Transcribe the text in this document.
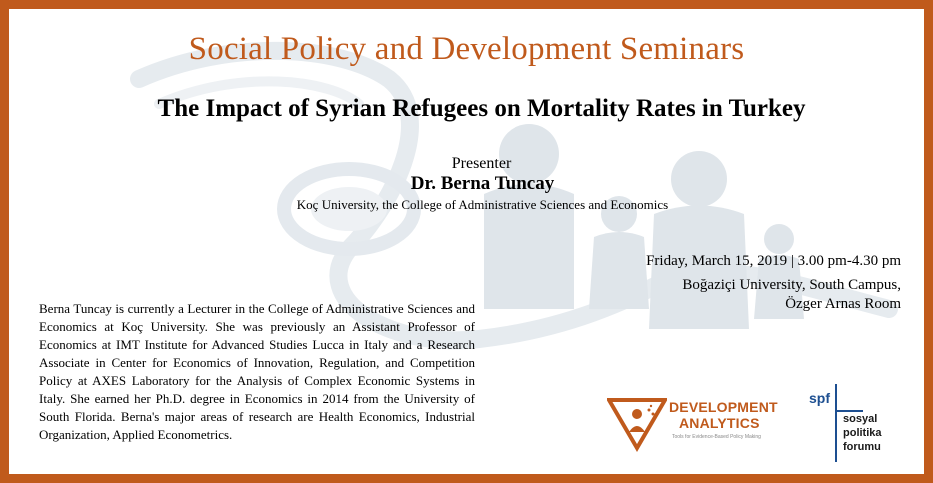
Social Policy and Development Seminars
The Impact of Syrian Refugees on Mortality Rates in Turkey
Presenter
Dr. Berna Tuncay
Koç University, the College of Administrative Sciences and Economics
Friday, March 15, 2019 | 3.00 pm-4.30 pm
Boğaziçi University, South Campus,
Özger Arnas Room
Berna Tuncay is currently a Lecturer in the College of Administrative Sciences and Economics at Koç University. She was previously an Assistant Professor of Economics at IMT Institute for Advanced Studies Lucca in Italy and a Research Associate in Center for Economics of Innovation, Regulation, and Competition Policy at AXES Laboratory for the Analysis of Complex Economic Systems in Italy. She earned her Ph.D. degree in Economics in 2014 from the University of South Florida. Berna's major areas of research are Health Economics, Industrial Organization, Applied Econometrics.
DEVELOPMENT
ANALYTICS
Tools for Evidence-Based Policy Making
spf
sosyal
politika
forumu
